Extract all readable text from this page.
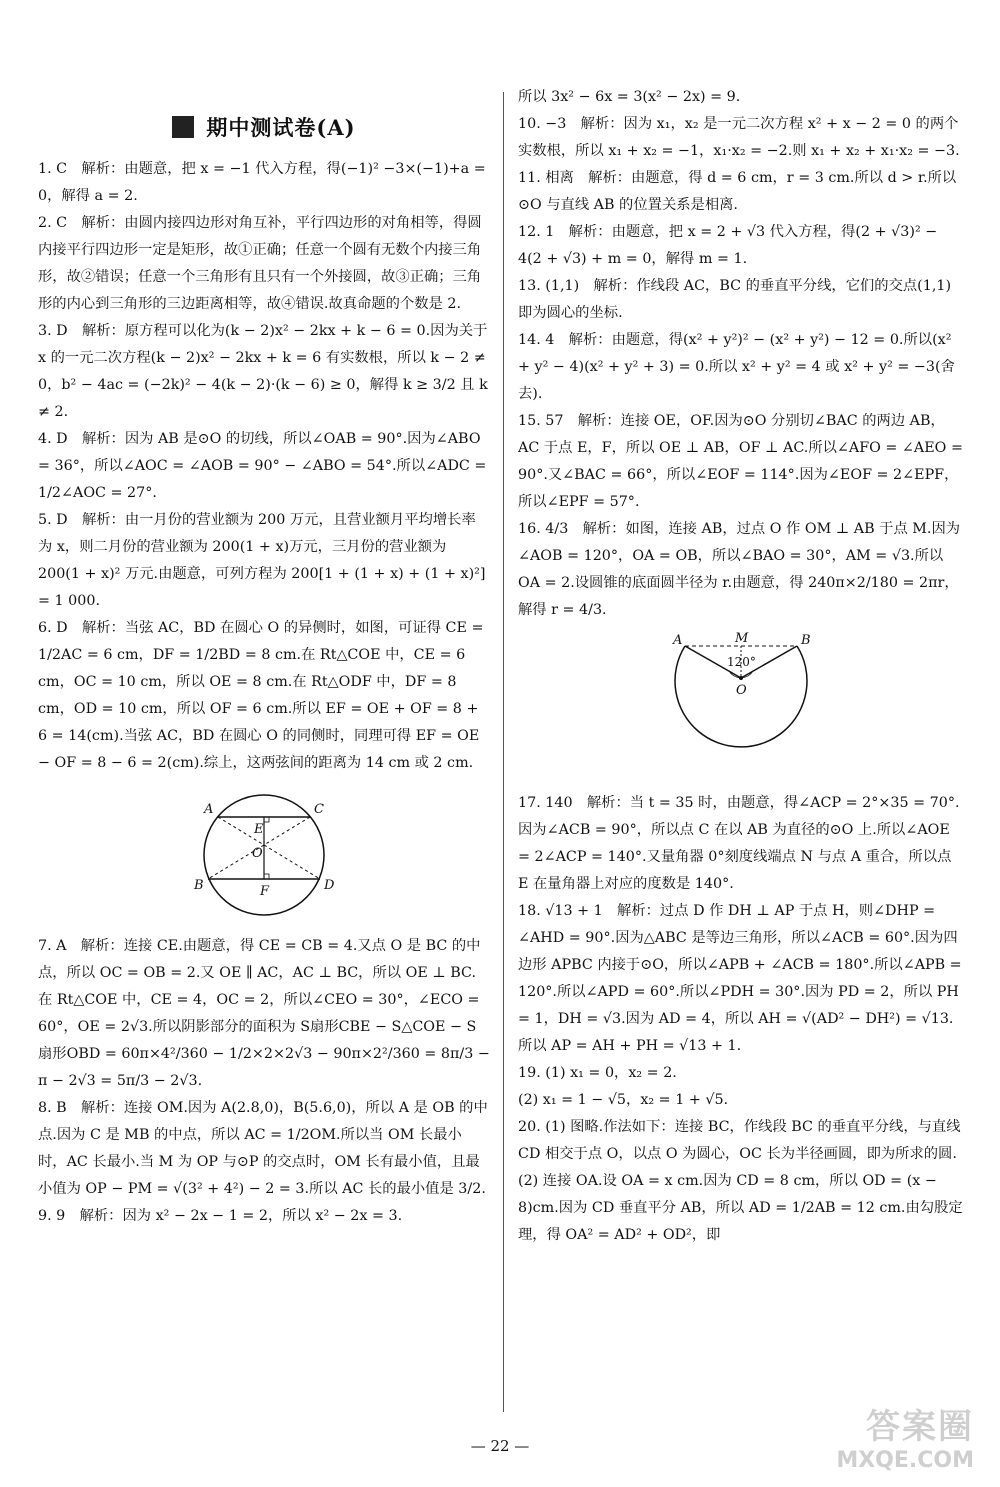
期中测试卷(A)

1. C　解析：由题意，把 x = −1 代入方程，得(−1)² −3×(−1)+a = 0，解得 a = 2.

2. C　解析：由圆内接四边形对角互补，平行四边形的对角相等，得圆内接平行四边形一定是矩形，故①正确；任意一个圆有无数个内接三角形，故②错误；任意一个三角形有且只有一个外接圆，故③正确；三角形的内心到三角形的三边距离相等，故④错误.故真命题的个数是 2.

3. D　解析：原方程可以化为(k − 2)x² − 2kx + k − 6 = 0.因为关于 x 的一元二次方程(k − 2)x² − 2kx + k = 6 有实数根，所以 k − 2 ≠ 0，b² − 4ac = (−2k)² − 4(k − 2)·(k − 6) ≥ 0，解得 k ≥ 3/2 且 k ≠ 2.

4. D　解析：因为 AB 是⊙O 的切线，所以∠OAB = 90°.因为∠ABO = 36°，所以∠AOC = ∠AOB = 90° − ∠ABO = 54°.所以∠ADC = 1/2∠AOC = 27°.

5. D　解析：由一月份的营业额为 200 万元，且营业额月平均增长率为 x，则二月份的营业额为 200(1 + x)万元，三月份的营业额为 200(1 + x)² 万元.由题意，可列方程为 200[1 + (1 + x) + (1 + x)²] = 1 000.

6. D　解析：当弦 AC，BD 在圆心 O 的异侧时，如图，可证得 CE = 1/2AC = 6 cm，DF = 1/2BD = 8 cm.在 Rt△COE 中，CE = 6 cm，OC = 10 cm，所以 OE = 8 cm.在 Rt△ODF 中，DF = 8 cm，OD = 10 cm，所以 OF = 6 cm.所以 EF = OE + OF = 8 + 6 = 14(cm).当弦 AC，BD 在圆心 O 的同侧时，同理可得 EF = OE − OF = 8 − 6 = 2(cm).综上，这两弦间的距离为 14 cm 或 2 cm.

A	C
E
O
B	F	D

7. A　解析：连接 CE.由题意，得 CE = CB = 4.又点 O 是 BC 的中点，所以 OC = OB = 2.又 OE ∥ AC，AC ⊥ BC，所以 OE ⊥ BC.在 Rt△COE 中，CE = 4，OC = 2，所以∠CEO = 30°，∠ECO = 60°，OE = 2√3.所以阴影部分的面积为 S扇形CBE − S△COE − S扇形OBD = 60π×4²/360 − 1/2×2×2√3 − 90π×2²/360 = 8π/3 − π − 2√3 = 5π/3 − 2√3.

8. B　解析：连接 OM.因为 A(2.8,0)，B(5.6,0)，所以 A 是 OB 的中点.因为 C 是 MB 的中点，所以 AC = 1/2OM.所以当 OM 长最小时，AC 长最小.当 M 为 OP 与⊙P 的交点时，OM 长有最小值，且最小值为 OP − PM = √(3² + 4²) − 2 = 3.所以 AC 长的最小值是 3/2.

9. 9　解析：因为 x² − 2x − 1 = 2，所以 x² − 2x = 3.

所以 3x² − 6x = 3(x² − 2x) = 9.

10. −3　解析：因为 x₁，x₂ 是一元二次方程 x² + x − 2 = 0 的两个实数根，所以 x₁ + x₂ = −1，x₁·x₂ = −2.则 x₁ + x₂ + x₁·x₂ = −3.

11. 相离　解析：由题意，得 d = 6 cm，r = 3 cm.所以 d > r.所以⊙O 与直线 AB 的位置关系是相离.

12. 1　解析：由题意，把 x = 2 + √3 代入方程，得(2 + √3)² − 4(2 + √3) + m = 0，解得 m = 1.

13. (1,1)　解析：作线段 AC，BC 的垂直平分线，它们的交点(1,1)即为圆心的坐标.

14. 4　解析：由题意，得(x² + y²)² − (x² + y²) − 12 = 0.所以(x² + y² − 4)(x² + y² + 3) = 0.所以 x² + y² = 4 或 x² + y² = −3(舍去).

15. 57　解析：连接 OE，OF.因为⊙O 分别切∠BAC 的两边 AB，AC 于点 E，F，所以 OE ⊥ AB，OF ⊥ AC.所以∠AFO = ∠AEO = 90°.又∠BAC = 66°，所以∠EOF = 114°.因为∠EOF = 2∠EPF，所以∠EPF = 57°.

16. 4/3　解析：如图，连接 AB，过点 O 作 OM ⊥ AB 于点 M.因为∠AOB = 120°，OA = OB，所以∠BAO = 30°，AM = √3.所以 OA = 2.设圆锥的底面圆半径为 r.由题意，得 240π×2/180 = 2πr，解得 r = 4/3.

A	M	B
120°
O

17. 140　解析：当 t = 35 时，由题意，得∠ACP = 2°×35 = 70°.因为∠ACB = 90°，所以点 C 在以 AB 为直径的⊙O 上.所以∠AOE = 2∠ACP = 140°.又量角器 0°刻度线端点 N 与点 A 重合，所以点 E 在量角器上对应的度数是 140°.

18. √13 + 1　解析：过点 D 作 DH ⊥ AP 于点 H，则∠DHP = ∠AHD = 90°.因为△ABC 是等边三角形，所以∠ACB = 60°.因为四边形 APBC 内接于⊙O，所以∠APB + ∠ACB = 180°.所以∠APB = 120°.所以∠APD = 60°.所以∠PDH = 30°.因为 PD = 2，所以 PH = 1，DH = √3.因为 AD = 4，所以 AH = √(AD² − DH²) = √13.所以 AP = AH + PH = √13 + 1.

19. (1) x₁ = 0，x₂ = 2.

(2) x₁ = 1 − √5，x₂ = 1 + √5.

20. (1) 图略.作法如下：连接 BC，作线段 BC 的垂直平分线，与直线 CD 相交于点 O，以点 O 为圆心，OC 长为半径画圆，即为所求的圆.

(2) 连接 OA.设 OA = x cm.因为 CD = 8 cm，所以 OD = (x − 8)cm.因为 CD 垂直平分 AB，所以 AD = 1/2AB = 12 cm.由勾股定理，得 OA² = AD² + OD²，即

— 22 —	答案圈
MXQE.COM
